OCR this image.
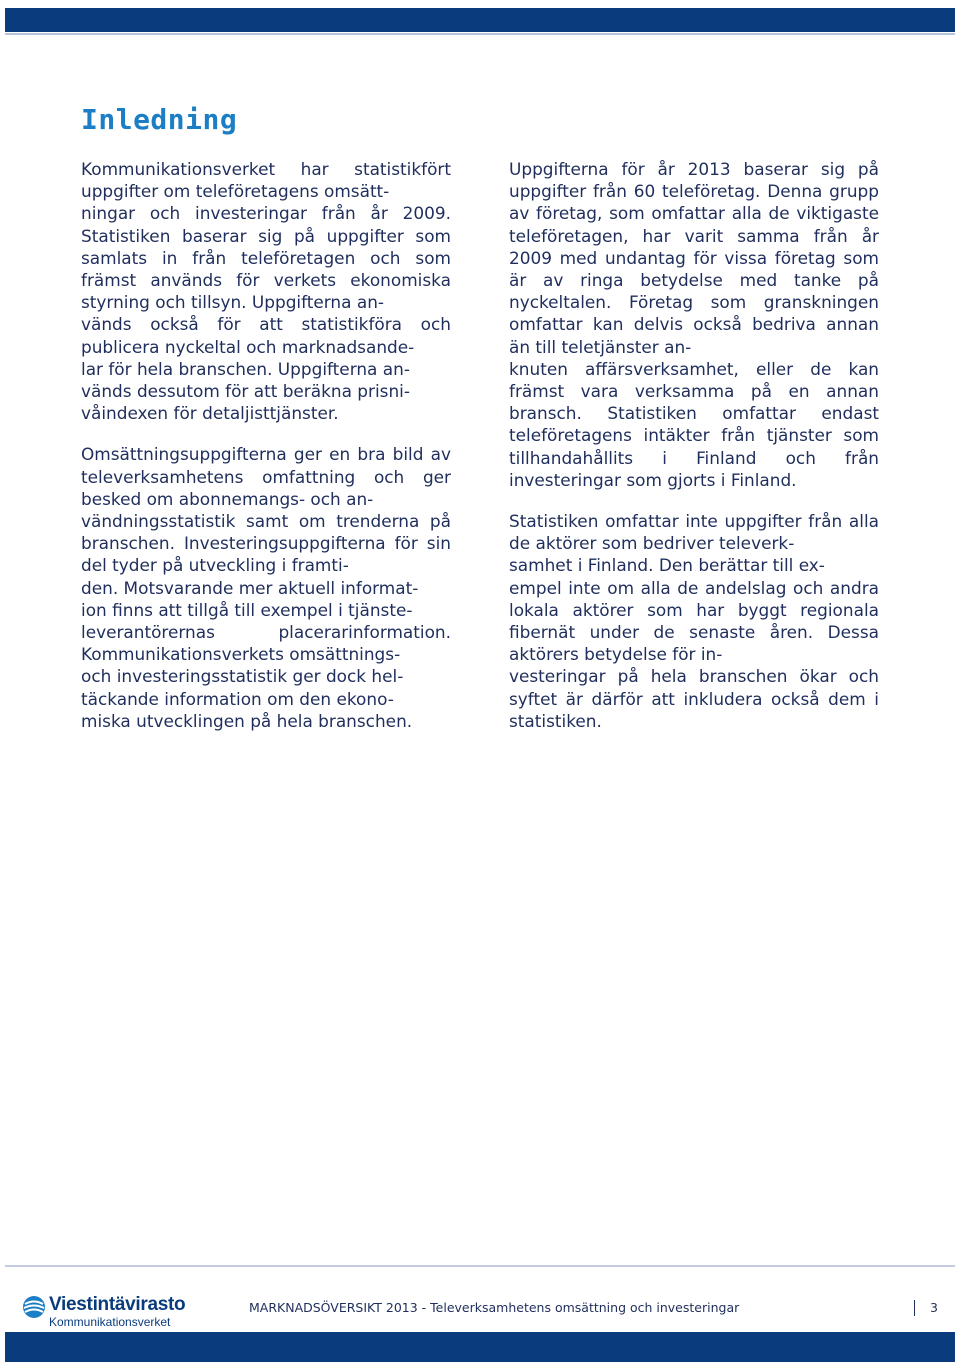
Inledning

Kommunikationsverket har statistikfört uppgifter om teleföretagens omsätt-
ningar och investeringar från år 2009. Statistiken baserar sig på uppgifter som samlats in från teleföretagen och som främst används för verkets ekonomiska styrning och tillsyn. Uppgifterna an-
vänds också för att statistikföra och publicera nyckeltal och marknadsande-
lar för hela branschen. Uppgifterna an-
vänds dessutom för att beräkna prisni-
våindexen för detaljisttjänster.

Omsättningsuppgifterna ger en bra bild av televerksamhetens omfattning och ger besked om abonnemangs- och an-
vändningsstatistik samt om trenderna på branschen. Investeringsuppgifterna för sin del tyder på utveckling i framti-
den. Motsvarande mer aktuell informat-
ion finns att tillgå till exempel i tjänste-
leverantörernas placerarinformation. Kommunikationsverkets omsättnings-
och investeringsstatistik ger dock hel-
täckande information om den ekono-
miska utvecklingen på hela branschen.

Uppgifterna för år 2013 baserar sig på uppgifter från 60 teleföretag. Denna grupp av företag, som omfattar alla de viktigaste teleföretagen, har varit samma från år 2009 med undantag för vissa företag som är av ringa betydelse med tanke på nyckeltalen. Företag som granskningen omfattar kan delvis också bedriva annan än till teletjänster an-
knuten affärsverksamhet, eller de kan främst vara verksamma på en annan bransch. Statistiken omfattar endast teleföretagens intäkter från tjänster som tillhandahållits i Finland och från investeringar som gjorts i Finland.

Statistiken omfattar inte uppgifter från alla de aktörer som bedriver televerk-
samhet i Finland. Den berättar till ex-
empel inte om alla de andelslag och andra lokala aktörer som har byggt regionala fibernät under de senaste åren. Dessa aktörers betydelse för in-
vesteringar på hela branschen ökar och syftet är därför att inkludera också dem i statistiken.

Viestintävirasto
Kommunikationsverket
MARKNADSÖVERSIKT 2013 - Televerksamhetens omsättning och investeringar	3
